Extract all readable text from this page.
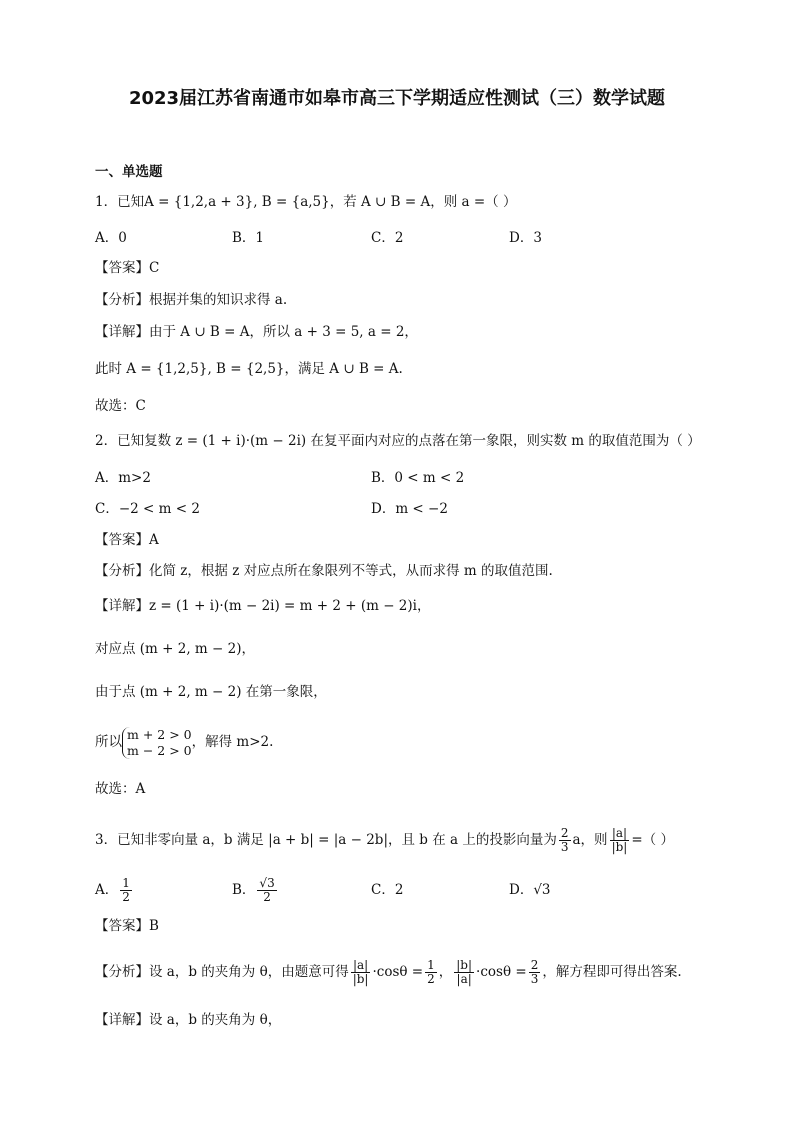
2023届江苏省南通市如皋市高三下学期适应性测试（三）数学试题
一、单选题
1．已知A = {1,2,a + 3}, B = {a,5}，若 A ∪ B = A，则 a =（ ）
A．0	B．1	C．2	D．3
【答案】C
【分析】根据并集的知识求得 a.
【详解】由于 A ∪ B = A，所以 a + 3 = 5, a = 2，
此时 A = {1,2,5}, B = {2,5}，满足 A ∪ B = A.
故选：C
2．已知复数 z = (1 + i)·(m − 2i) 在复平面内对应的点落在第一象限，则实数 m 的取值范围为（ ）
A．m>2	B．0 < m < 2
C．−2 < m < 2	D．m < −2
【答案】A
【分析】化简 z，根据 z 对应点所在象限列不等式，从而求得 m 的取值范围.
【详解】z = (1 + i)·(m − 2i) = m + 2 + (m − 2)i，
对应点 (m + 2, m − 2)，
由于点 (m + 2, m − 2) 在第一象限，
所以 m + 2 > 0
m − 2 > 0
，解得 m>2.
故选：A
3．已知非零向量 a，b 满足 |a + b| = |a − 2b|，且 b 在 a 上的投影向量为 $\frac{2}{3}$ a，则 $\frac{|a|}{|b|}$ =（ ）
A． $\frac{1}{2}$	B． $\frac{√3}{2}$	C．2	D．√3
【答案】B
【分析】设 a，b 的夹角为 θ，由题意可得 $\frac{|a|}{|b|} \cdot\cos\theta = \frac{1}{2}$ ， $\frac{|b|}{|a|} \cdot\cos\theta = \frac{2}{3}$ ，解方程即可得出答案.
【详解】设 a，b 的夹角为 θ，
